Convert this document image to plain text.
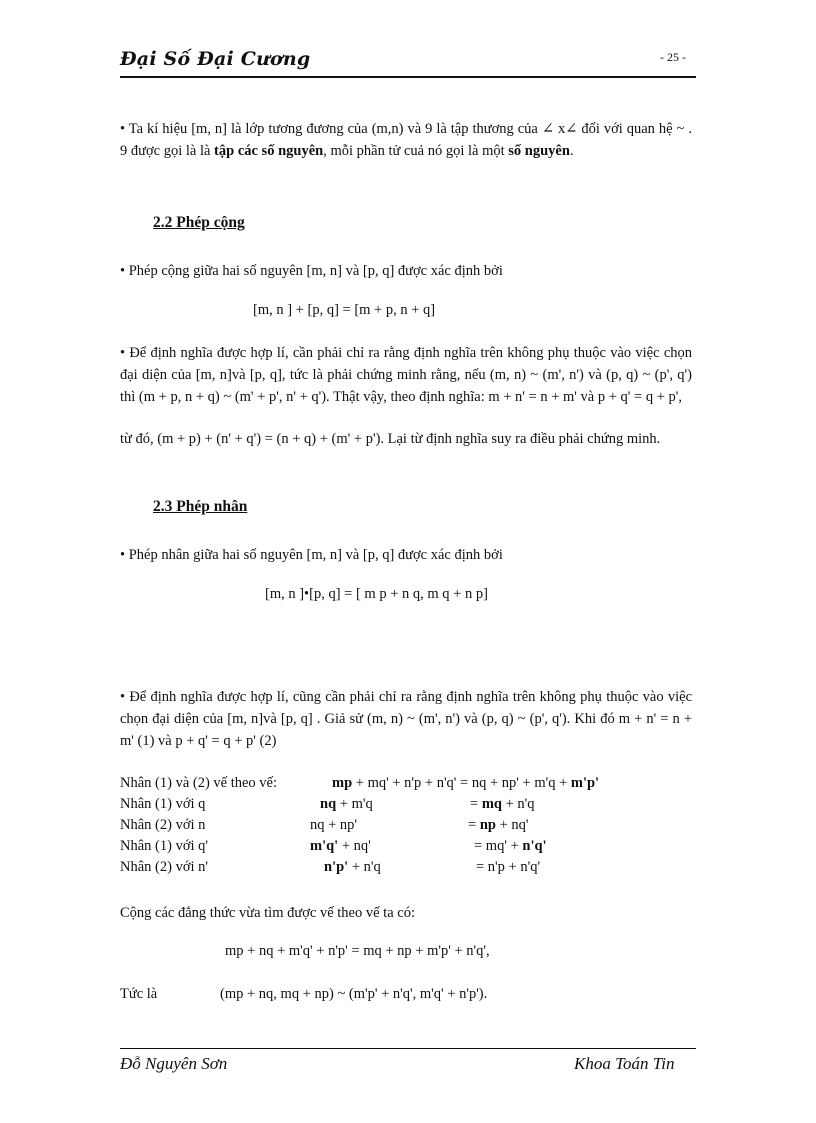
Đại Số Đại Cương	- 25 -
• Ta kí hiệu [m, n] là lớp tương đương của (m,n) và 9 là tập thương của ∠ x∠ đối với quan hệ ~ . 9 được gọi là là tập các số nguyên, mỗi phần tử cuả nó gọi là một số nguyên.
2.2 Phép cộng
• Phép cộng giữa hai số nguyên [m, n] và [p, q] được xác định bởi
[m, n ] + [p, q] = [m + p, n + q]
• Để định nghĩa được hợp lí, cần phải chỉ ra rằng định nghĩa trên không phụ thuộc vào việc chọn đại diện của [m, n]và [p, q], tức là phải chứng minh rằng, nếu (m, n) ~ (m', n') và (p, q) ~ (p', q') thì (m + p, n + q) ~ (m' + p', n' + q'). Thật vậy, theo định nghĩa: m + n' = n + m' và p + q' = q + p',
từ đó, (m + p) + (n' + q') = (n + q) + (m' + p'). Lại từ định nghĩa suy ra điều phải chứng minh.
2.3 Phép nhân
• Phép nhân giữa hai số nguyên [m, n] và [p, q] được xác định bởi
[m, n ]•[p, q] = [ m p + n q, m q + n p]
• Để định nghĩa được hợp lí, cũng cần phải chỉ ra rằng định nghĩa trên không phụ thuộc vào việc chọn đại diện của [m, n]và [p, q] . Giả sử (m, n) ~ (m', n') và (p, q) ~ (p', q'). Khi đó m + n' = n + m' (1) và p + q' = q + p' (2)
Nhân (1) và (2) vế theo vế:	mp + mq' + n'p + n'q' = nq + np' + m'q + m'p'
Nhân (1) với q	nq + m'q	= mq + n'q
Nhân (2) với n	nq + np'	= np + nq'
Nhân (1) với q'	m'q' + nq'	= mq' + n'q'
Nhân (2) với n'	n'p' + n'q	= n'p + n'q'
Cộng các đẳng thức vừa tìm được vế theo vế ta có:
mp + nq + m'q' + n'p' = mq + np + m'p' + n'q',
Tức là	(mp + nq, mq + np) ~ (m'p' + n'q', m'q' + n'p').
Đỗ Nguyên Sơn	Khoa Toán Tin
